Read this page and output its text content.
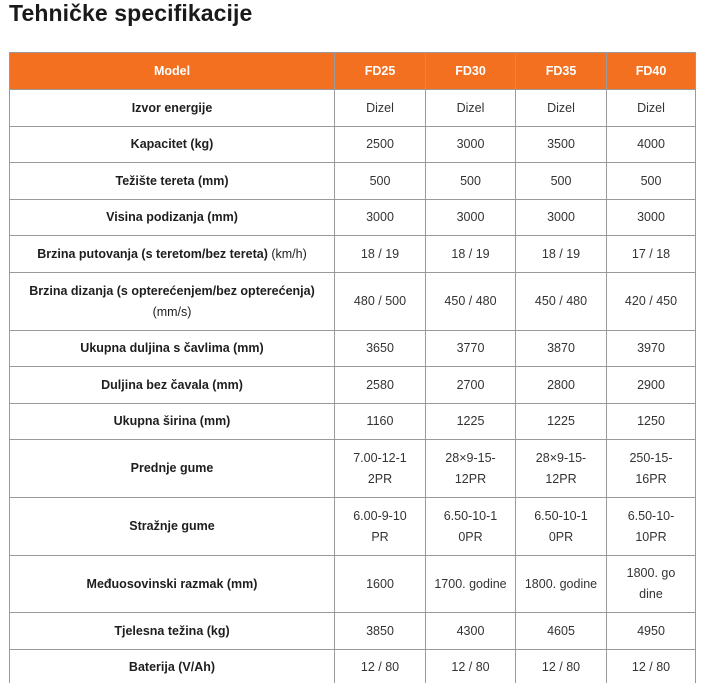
Tehničke specifikacije
Model	FD25	FD30	FD35	FD40
Izvor energije	Dizel	Dizel	Dizel	Dizel

Kapacitet (kg)	2500	3000	3500	4000

Težište tereta (mm)	500	500	500	500

Visina podizanja (mm)	3000	3000	3000	3000

Brzina putovanja (s teretom/bez tereta) (km/h)	18 / 19	18 / 19	18 / 19	17 / 18

Brzina dizanja (s opterećenjem/bez opterećenja) (mm/s)	480 / 500	450 / 480	450 / 480	420 / 450

Ukupna duljina s čavlima (mm)	3650	3770	3870	3970

Duljina bez čavala (mm)	2580	2700	2800	2900

Ukupna širina (mm)	1160	1225	1225	1250

Prednje gume	7.00-12-12PR	28×9-15-12PR	28×9-15-12PR	250-15-16PR

Stražnje gume	6.00-9-10PR	6.50-10-10PR	6.50-10-10PR	6.50-10-10PR

Međuosovinski razmak (mm)	1600	1700. godine	1800. godine	1800. godine

Tjelesna težina (kg)	3850	4300	4605	4950

Baterija (V/Ah)	12 / 80	12 / 80	12 / 80	12 / 80
